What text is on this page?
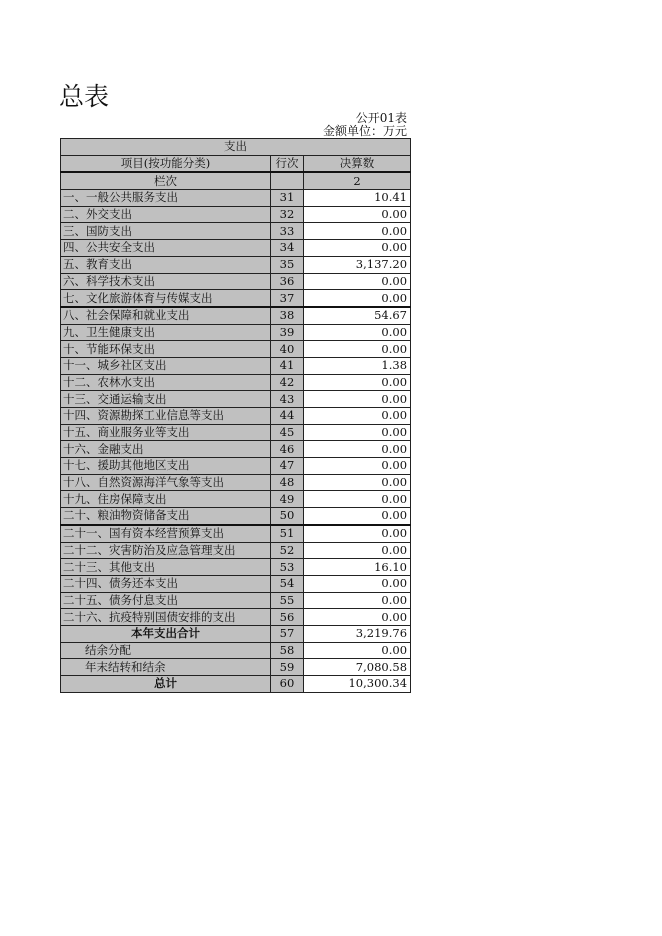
总表
公开01表
金额单位：万元
支出		
项目(按功能分类)	行次	决算数
栏次		2
一、一般公共服务支出	31	10.41
二、外交支出	32	0.00
三、国防支出	33	0.00
四、公共安全支出	34	0.00
五、教育支出	35	3,137.20
六、科学技术支出	36	0.00
七、文化旅游体育与传媒支出	37	0.00
八、社会保障和就业支出	38	54.67
九、卫生健康支出	39	0.00
十、节能环保支出	40	0.00
十一、城乡社区支出	41	1.38
十二、农林水支出	42	0.00
十三、交通运输支出	43	0.00
十四、资源勘探工业信息等支出	44	0.00
十五、商业服务业等支出	45	0.00
十六、金融支出	46	0.00
十七、援助其他地区支出	47	0.00
十八、自然资源海洋气象等支出	48	0.00
十九、住房保障支出	49	0.00
二十、粮油物资储备支出	50	0.00
二十一、国有资本经营预算支出	51	0.00
二十二、灾害防治及应急管理支出	52	0.00
二十三、其他支出	53	16.10
二十四、债务还本支出	54	0.00
二十五、债务付息支出	55	0.00
二十六、抗疫特别国债安排的支出	56	0.00
本年支出合计	57	3,219.76
结余分配	58	0.00
年末结转和结余	59	7,080.58
总计	60	10,300.34
